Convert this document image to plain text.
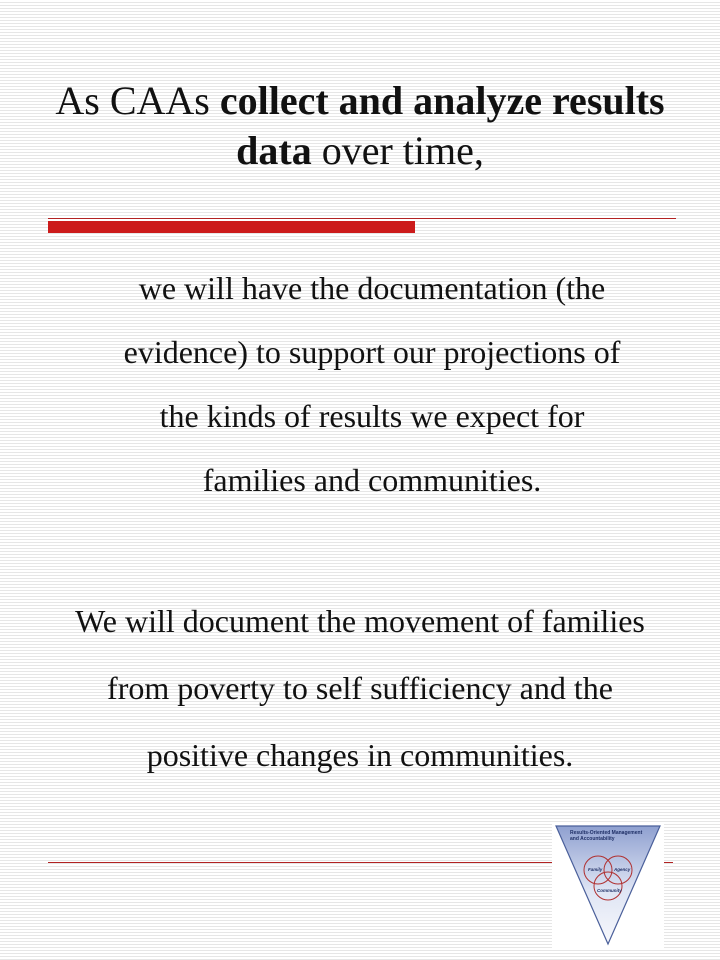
As CAAs collect and analyze results data over time,
we will have the documentation (the evidence) to support our projections of the kinds of results we expect for families and communities.
We will document the movement of families from poverty to self sufficiency and the positive changes in communities.
Results-Oriented Management
and Accountability
Family	Agency
Community
